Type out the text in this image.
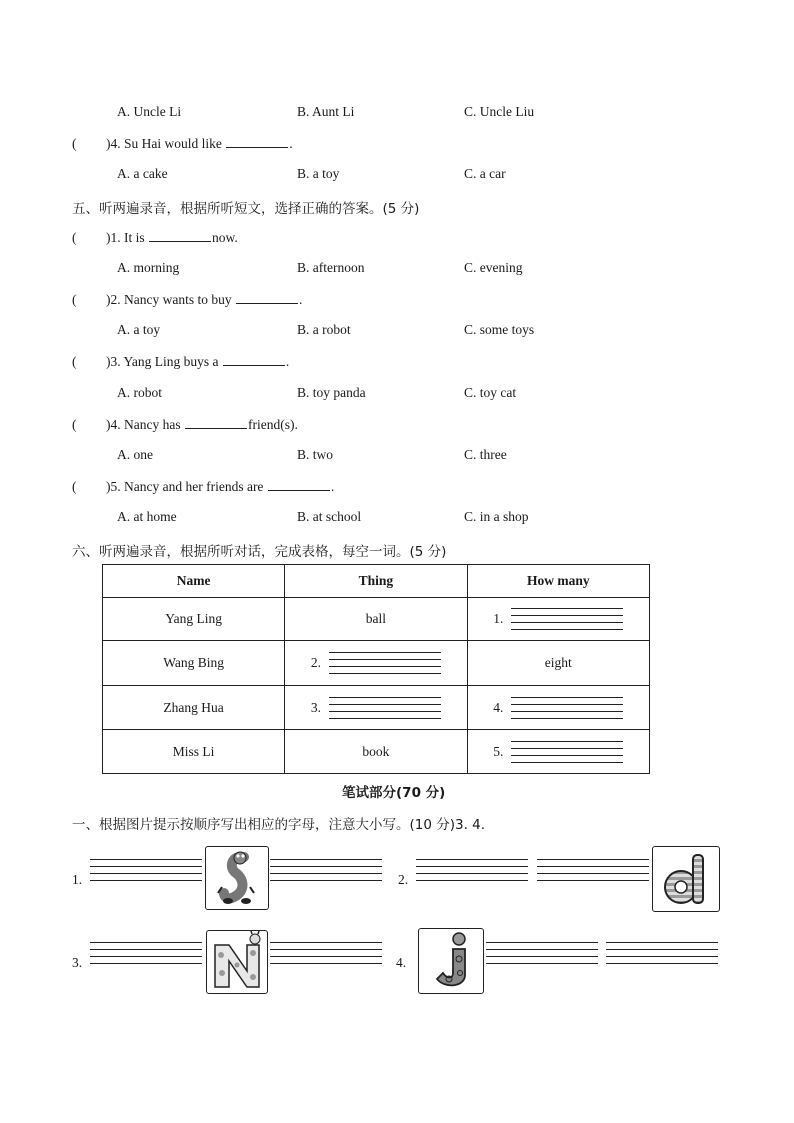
A. Uncle Li	B. Aunt Li	C. Uncle Liu
( )4. Su Hai would like	.
A. a cake	B. a toy	C. a car
五、听两遍录音，根据所听短文，选择正确的答案。(5 分)
( )1. It is	now.
A. morning	B. afternoon	C. evening
( )2. Nancy wants to buy	.
A. a toy	B. a robot	C. some toys
( )3. Yang Ling buys a	.
A. robot	B. toy panda	C. toy cat
( )4. Nancy has	friend(s).
A. one	B. two	C. three
( )5. Nancy and her friends are	.
A. at home	B. at school	C. in a shop
六、听两遍录音，根据所听对话，完成表格，每空一词。(5 分)
Name	Thing	How many
Yang Ling	ball	1.

Wang Bing	2.	eight
Zhang Hua	3.	4.

Miss Li	book	5.
笔试部分(70 分)
一、根据图片提示按顺序写出相应的字母，注意大小写。(10 分)3. 4.
1.	2.
3.	4.
